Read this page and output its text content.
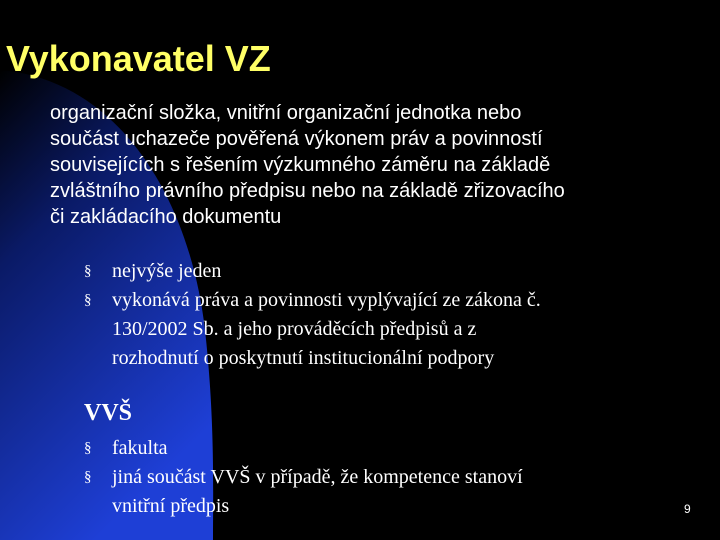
Vykonavatel VZ

organizační složka, vnitřní organizační jednotka nebo
součást uchazeče pověřená výkonem práv a povinností
souvisejících s řešením výzkumného záměru na základě
zvláštního právního předpisu nebo na základě zřizovacího
či zakládacího dokumentu

§ nejvýše jeden
§ vykonává práva a povinnosti vyplývající ze zákona č.
130/2002 Sb. a jeho prováděcích předpisů a z
rozhodnutí o poskytnutí institucionální podpory
VVŠ
§ fakulta
§ jiná součást VVŠ v případě, že kompetence stanoví
vnitřní předpis	9
